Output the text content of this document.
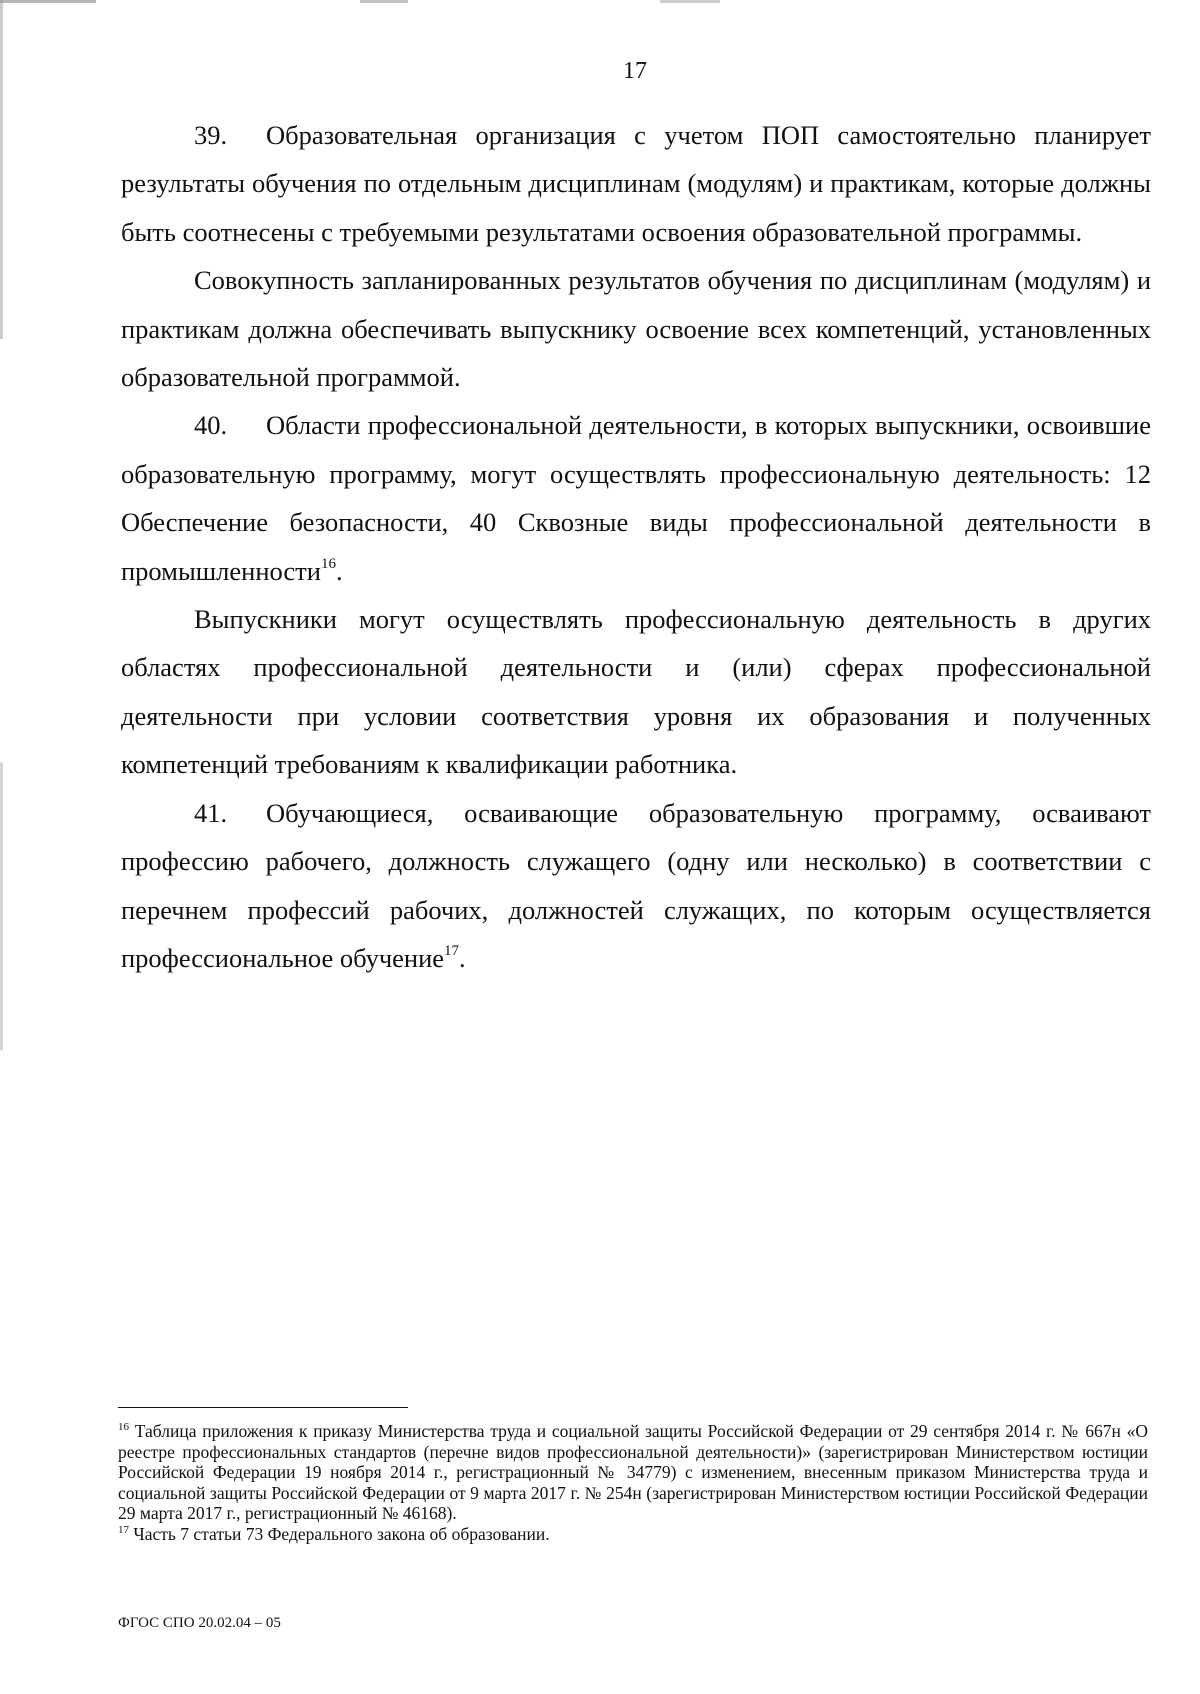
17

39. Образовательная организация с учетом ПОП самостоятельно планирует результаты обучения по отдельным дисциплинам (модулям) и практикам, которые должны быть соотнесены с требуемыми результатами освоения образовательной программы.

Совокупность запланированных результатов обучения по дисциплинам (модулям) и практикам должна обеспечивать выпускнику освоение всех компетенций, установленных образовательной программой.

40. Области профессиональной деятельности, в которых выпускники, освоившие образовательную программу, могут осуществлять профессиональную деятельность: 12 Обеспечение безопасности, 40 Сквозные виды профессиональной деятельности в промышленности$^{16}$.

Выпускники могут осуществлять профессиональную деятельность в других областях профессиональной деятельности и (или) сферах профессиональной деятельности при условии соответствия уровня их образования и полученных компетенций требованиям к квалификации работника.

41. Обучающиеся, осваивающие образовательную программу, осваивают профессию рабочего, должность служащего (одну или несколько) в соответствии с перечнем профессий рабочих, должностей служащих, по которым осуществляется профессиональное обучение$^{17}$.

$^{16}$ Таблица приложения к приказу Министерства труда и социальной защиты Российской Федерации от 29 сентября 2014 г. № 667н «О реестре профессиональных стандартов (перечне видов профессиональной деятельности)» (зарегистрирован Министерством юстиции Российской Федерации 19 ноября 2014 г., регистрационный № 34779) с изменением, внесенным приказом Министерства труда и социальной защиты Российской Федерации от 9 марта 2017 г. № 254н (зарегистрирован Министерством юстиции Российской Федерации 29 марта 2017 г., регистрационный № 46168).

$^{17}$ Часть 7 статьи 73 Федерального закона об образовании.

ФГОС СПО 20.02.04 – 05
